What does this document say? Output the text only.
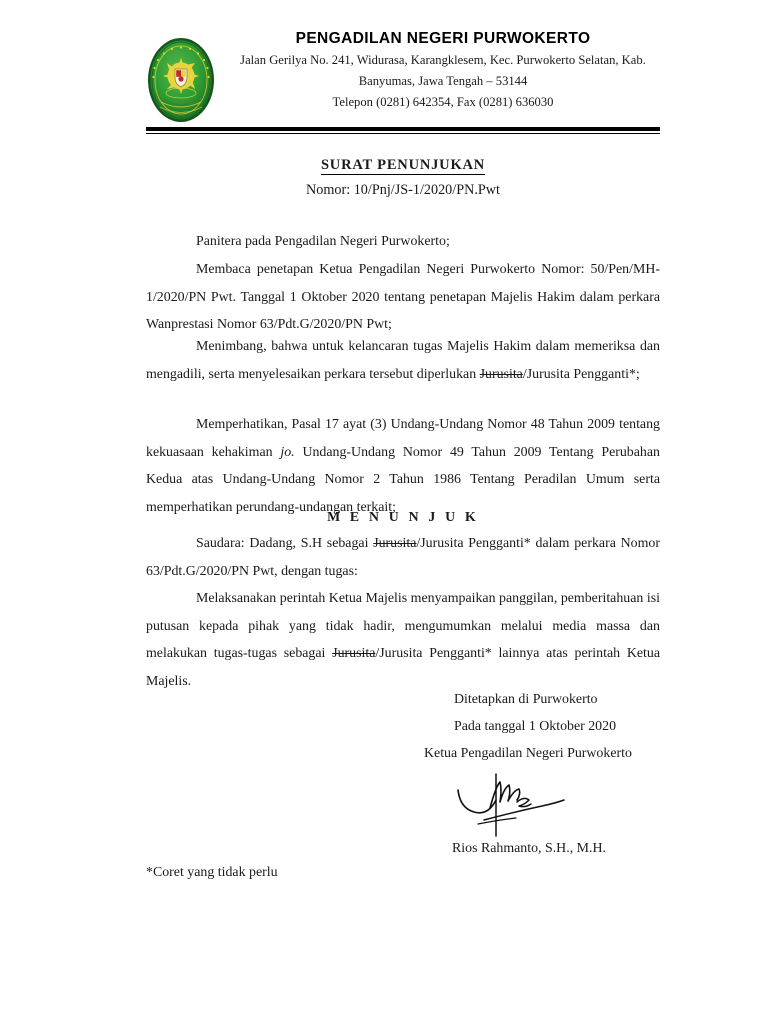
PENGADILAN NEGERI PURWOKERTO
Jalan Gerilya No. 241, Widurasa, Karangklesem, Kec. Purwokerto Selatan, Kab.
Banyumas, Jawa Tengah – 53144
Telepon (0281) 642354, Fax (0281) 636030
SURAT PENUNJUKAN
Nomor: 10/Pnj/JS-1/2020/PN.Pwt

Panitera pada Pengadilan Negeri Purwokerto;

Membaca penetapan Ketua Pengadilan Negeri Purwokerto Nomor: 50/Pen/MH-1/2020/PN Pwt. Tanggal 1 Oktober 2020 tentang penetapan Majelis Hakim dalam perkara Wanprestasi Nomor 63/Pdt.G/2020/PN Pwt;

Menimbang, bahwa untuk kelancaran tugas Majelis Hakim dalam memeriksa dan mengadili, serta menyelesaikan perkara tersebut diperlukan Jurusita/Jurusita Pengganti*;

Memperhatikan, Pasal 17 ayat (3) Undang-Undang Nomor 48 Tahun 2009 tentang kekuasaan kehakiman jo. Undang-Undang Nomor 49 Tahun 2009 Tentang Perubahan Kedua atas Undang-Undang Nomor 2 Tahun 1986 Tentang Peradilan Umum serta memperhatikan perundang-undangan terkait;

M E N U N J U K

Saudara: Dadang, S.H sebagai Jurusita/Jurusita Pengganti* dalam perkara Nomor 63/Pdt.G/2020/PN Pwt, dengan tugas:

Melaksanakan perintah Ketua Majelis menyampaikan panggilan, pemberitahuan isi putusan kepada pihak yang tidak hadir, mengumumkan melalui media massa dan melakukan tugas-tugas sebagai Jurusita/Jurusita Pengganti* lainnya atas perintah Ketua Majelis.

Ditetapkan di Purwokerto
Pada tanggal 1 Oktober 2020
Ketua Pengadilan Negeri Purwokerto
Rios Rahmanto, S.H., M.H.
*Coret yang tidak perlu
